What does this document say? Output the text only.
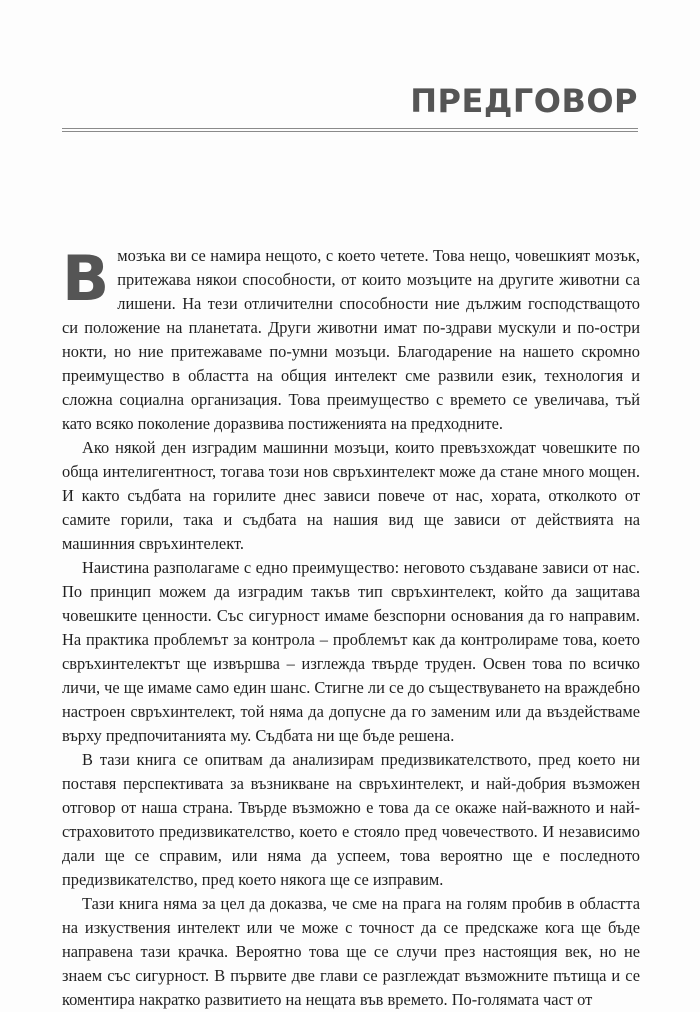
ПРЕДГОВОР

Вмозъка ви се намира нещото, с което четете. Това нещо, човешкият мозък, притежава някои способности, от които мозъците на другите животни са лишени. На тези отличителни способности ние дължим господстващото си положение на планетата. Други животни имат по-здрави мускули и по-остри нокти, но ние притежаваме по-умни мозъци. Благодарение на нашето скромно преимущество в областта на общия интелект сме развили език, технология и сложна социална организация. Това преимущество с времето се увеличава, тъй като всяко поколение доразвива постиженията на предходните.

Ако някой ден изградим машинни мозъци, които превъзхождат човешките по обща интелигентност, тогава този нов свръхинтелект може да стане много мощен. И както съдбата на горилите днес зависи повече от нас, хората, отколкото от самите горили, така и съдбата на нашия вид ще зависи от действията на машинния свръхинтелект.

Наистина разполагаме с едно преимущество: неговото създаване зависи от нас. По принцип можем да изградим такъв тип свръхинтелект, който да защитава човешките ценности. Със сигурност имаме безспорни основания да го направим. На практика проблемът за контрола – проблемът как да контролираме това, което свръхинтелектът ще извършва – изглежда твърде труден. Освен това по всичко личи, че ще имаме само един шанс. Стигне ли се до съществуването на враждебно настроен свръхинтелект, той няма да допусне да го заменим или да въздействаме върху предпочитанията му. Съдбата ни ще бъде решена.

В тази книга се опитвам да анализирам предизвикателството, пред което ни поставя перспективата за възникване на свръхинтелект, и най-добрия възможен отговор от наша страна. Твърде възможно е това да се окаже най-важното и най-страховитото предизвикателство, което е стояло пред човечеството. И независимо дали ще се справим, или няма да успеем, това вероятно ще е последното предизвикателство, пред което някога ще се изправим.

Тази книга няма за цел да доказва, че сме на прага на голям пробив в областта на изкуствения интелект или че може с точност да се предскаже кога ще бъде направена тази крачка. Вероятно това ще се случи през настоящия век, но не знаем със сигурност. В първите две глави се разглеждат възможните пътища и се коментира накратко развитието на нещата във времето. По-голямата част от
